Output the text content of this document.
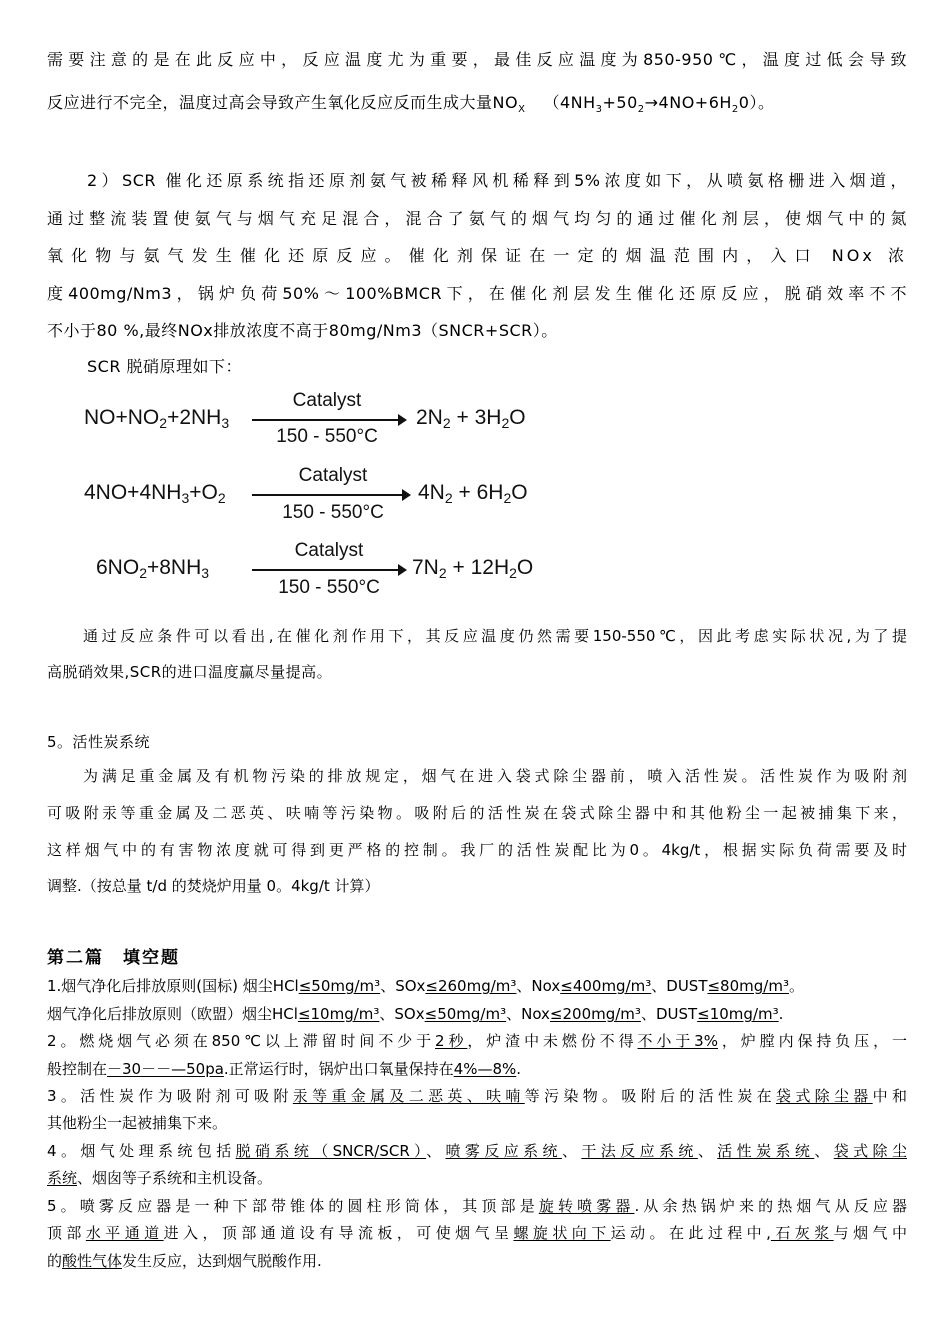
需要注意的是在此反应中，反应温度尤为重要，最佳反应温度为850-950℃，温度过低会导致
反应进行不完全，温度过高会导致产生氧化反应反而生成大量$NO_X$ $(4NH_3+50_2\to 4NO+6H_20)$。
2）SCR 催化还原系统指还原剂氨气被稀释风机稀释到5%浓度如下，从喷氨格栅进入烟道，
通过整流装置使氨气与烟气充足混合，混合了氨气的烟气均匀的通过催化剂层，使烟气中的氮
氧化物与氨气发生催化还原反应。催化剂保证在一定的烟温范围内，入口 NOx 浓
度400mg/Nm3，锅炉负荷50%～100%BMCR下，在催化剂层发生催化还原反应，脱硝效率不不
不小于80 %,最终NOx排放浓度不高于80mg/Nm3（SNCR+SCR）。
SCR 脱硝原理如下：
$NO+NO_2+2NH_3$
Catalyst
150 - 550°C
$2N_2 + 3H_2O$
$4NO+4NH_3+O_2$
Catalyst
150 - 550°C
$4N_2 + 6H_2O$
$6NO_2+8NH_3$
Catalyst
150 - 550°C
$7N_2 + 12H_2O$
通过反应条件可以看出,在催化剂作用下，其反应温度仍然需要150-550℃，因此考虑实际状况,为了提
高脱硝效果,SCR的进口温度赢尽量提高。
5。活性炭系统
为满足重金属及有机物污染的排放规定，烟气在进入袋式除尘器前，喷入活性炭。活性炭作为吸附剂
可吸附汞等重金属及二恶英、呋喃等污染物。吸附后的活性炭在袋式除尘器中和其他粉尘一起被捕集下来，
这样烟气中的有害物浓度就可得到更严格的控制。我厂的活性炭配比为0。4kg/t，根据实际负荷需要及时
调整.（按总量 t/d 的焚烧炉用量 0。4kg/t 计算）
第二篇　填空题
1.烟气净化后排放原则(国标) 烟尘HCl≤50mg/m³、SOx≤260mg/m³、Nox≤400mg/m³、DUST≤80mg/m³。
烟气净化后排放原则（欧盟）烟尘HCl≤10mg/m³、SOx≤50mg/m³、Nox≤200mg/m³、DUST≤10mg/m³.
2。燃烧烟气必须在850℃以上滞留时间不少于2秒，炉渣中未燃份不得不小于3%，炉膛内保持负压，一
般控制在－30－－—50pa.正常运行时，锅炉出口氧量保持在4%—8%.
3。活性炭作为吸附剂可吸附汞等重金属及二恶英、呋喃等污染物。吸附后的活性炭在袋式除尘器中和
其他粉尘一起被捕集下来。
4。烟气处理系统包括脱硝系统（SNCR/SCR）、喷雾反应系统、干法反应系统、活性炭系统、袋式除尘
系统、烟囱等子系统和主机设备。
5。喷雾反应器是一种下部带锥体的圆柱形筒体，其顶部是旋转喷雾器.从余热锅炉来的热烟气从反应器
顶部水平通道进入，顶部通道设有导流板，可使烟气呈螺旋状向下运动。在此过程中,石灰浆与烟气中
的酸性气体发生反应，达到烟气脱酸作用.
